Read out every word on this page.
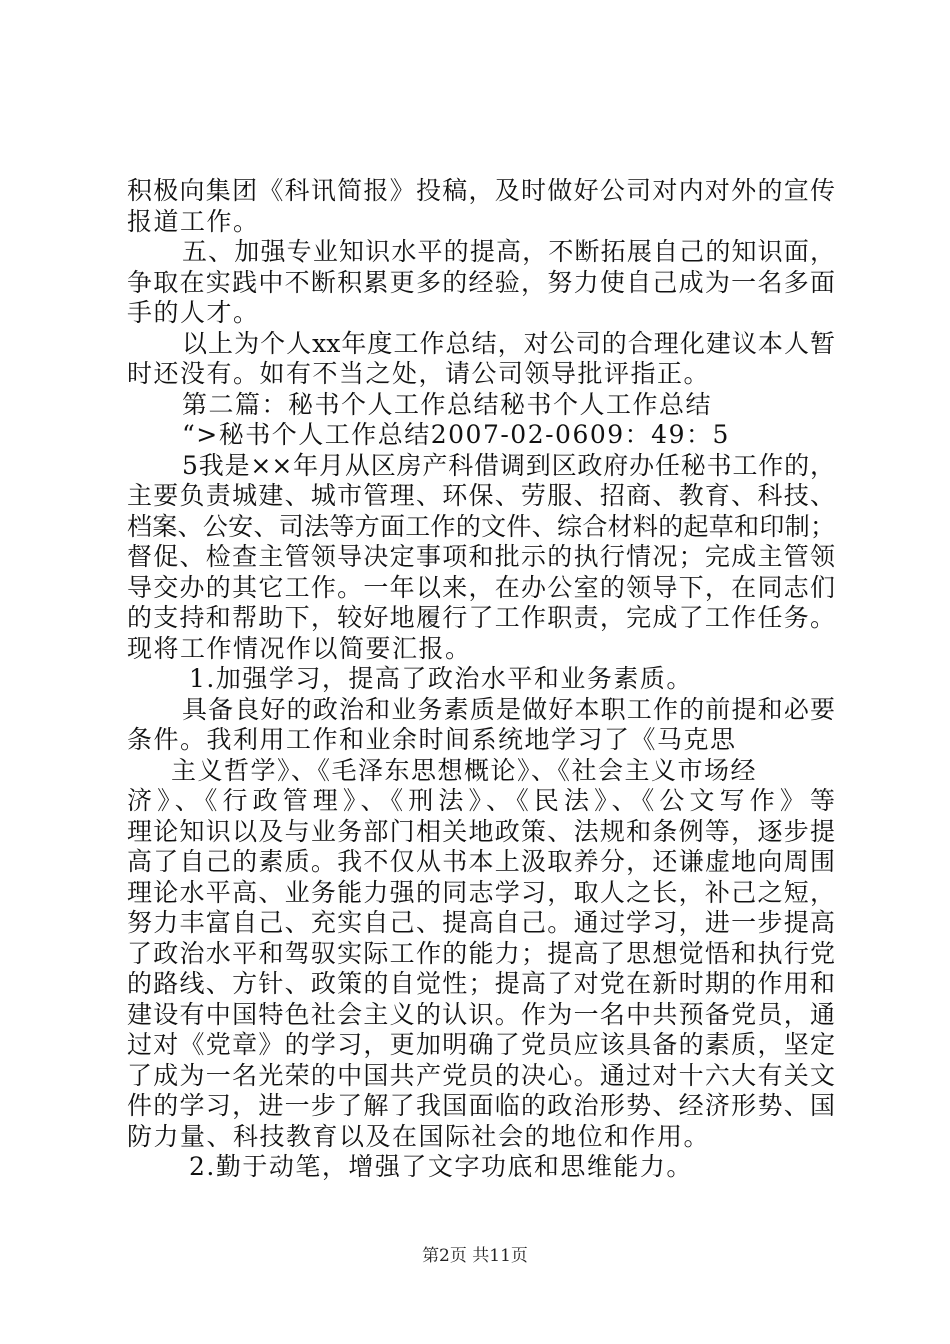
积极向集团《科讯简报》投稿，及时做好公司对内对外的宣传
报道工作。
五、加强专业知识水平的提高，不断拓展自己的知识面，
争取在实践中不断积累更多的经验，努力使自己成为一名多面
手的人才。
以上为个人xx年度工作总结，对公司的合理化建议本人暂
时还没有。如有不当之处，请公司领导批评指正。
第二篇：秘书个人工作总结秘书个人工作总结
“>秘书个人工作总结2007-02-0609：49：5
5我是××年月从区房产科借调到区政府办任秘书工作的，
主要负责城建、城市管理、环保、劳服、招商、教育、科技、
档案、公安、司法等方面工作的文件、综合材料的起草和印制；
督促、检查主管领导决定事项和批示的执行情况；完成主管领
导交办的其它工作。一年以来，在办公室的领导下，在同志们
的支持和帮助下，较好地履行了工作职责，完成了工作任务。
现将工作情况作以简要汇报。
1.加强学习，提高了政治水平和业务素质。
具备良好的政治和业务素质是做好本职工作的前提和必要
条件。我利用工作和业余时间系统地学习了《马克思
主义哲学》、《毛泽东思想概论》、《社会主义市场经
济》、《行政管理》、《刑法》、《民法》、《公文写作》等
理论知识以及与业务部门相关地政策、法规和条例等，逐步提
高了自己的素质。我不仅从书本上汲取养分，还谦虚地向周围
理论水平高、业务能力强的同志学习，取人之长，补己之短，
努力丰富自己、充实自己、提高自己。通过学习，进一步提高
了政治水平和驾驭实际工作的能力；提高了思想觉悟和执行党
的路线、方针、政策的自觉性；提高了对党在新时期的作用和
建设有中国特色社会主义的认识。作为一名中共预备党员，通
过对《党章》的学习，更加明确了党员应该具备的素质，坚定
了成为一名光荣的中国共产党员的决心。通过对十六大有关文
件的学习，进一步了解了我国面临的政治形势、经济形势、国
防力量、科技教育以及在国际社会的地位和作用。
2.勤于动笔，增强了文字功底和思维能力。
第2页 共11页
